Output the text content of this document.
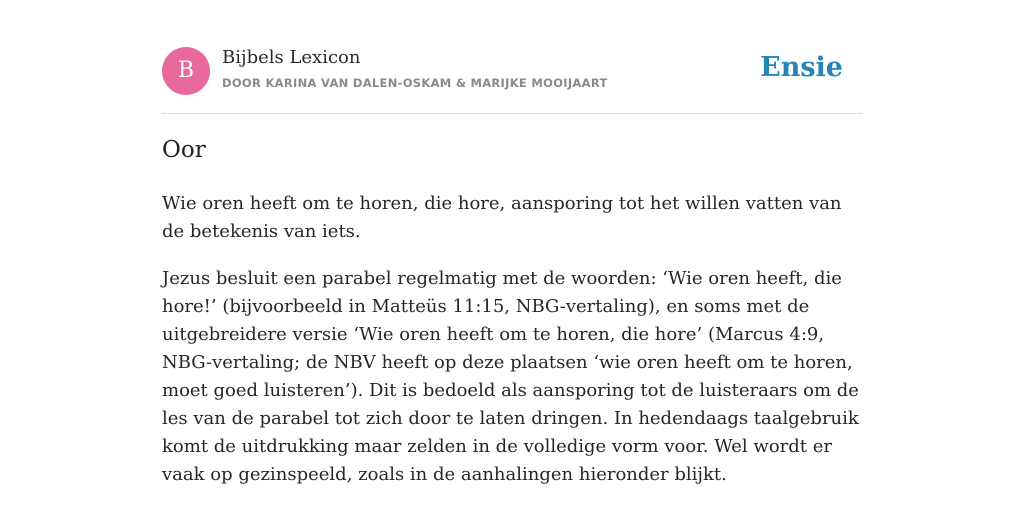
B
Bijbels Lexicon
DOOR KARINA VAN DALEN-OSKAM & MARIJKE MOOIJAART	Ensie
Oor

Wie oren heeft om te horen, die hore, aansporing tot het willen vatten van de betekenis van iets.

Jezus besluit een parabel regelmatig met de woorden: ‘Wie oren heeft, die hore!’ (bijvoorbeeld in Matteüs 11:15, NBG-vertaling), en soms met de uitgebreidere versie ‘Wie oren heeft om te horen, die hore’ (Marcus 4:9, NBG-vertaling; de NBV heeft op deze plaatsen ‘wie oren heeft om te horen, moet goed luisteren’). Dit is bedoeld als aansporing tot de luisteraars om de les van de parabel tot zich door te laten dringen. In hedendaags taalgebruik komt de uitdrukking maar zelden in de volledige vorm voor. Wel wordt er vaak op gezinspeeld, zoals in de aanhalingen hieronder blijkt.
